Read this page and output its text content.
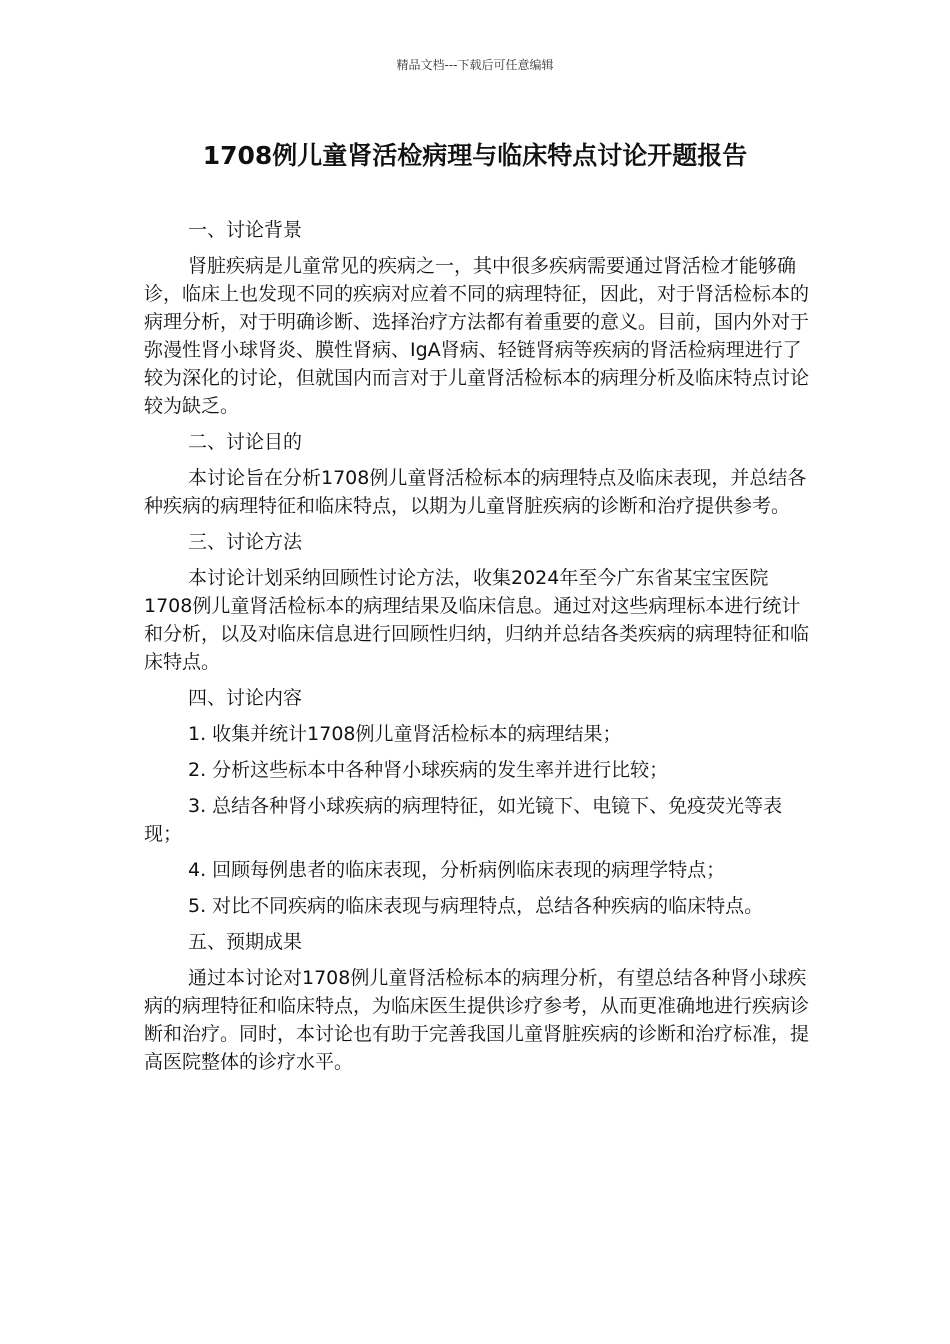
精品文档---下载后可任意编辑
1708例儿童肾活检病理与临床特点讨论开题报告

一、讨论背景

肾脏疾病是儿童常见的疾病之一，其中很多疾病需要通过肾活检才能够确诊，临床上也发现不同的疾病对应着不同的病理特征，因此，对于肾活检标本的病理分析，对于明确诊断、选择治疗方法都有着重要的意义。目前，国内外对于弥漫性肾小球肾炎、膜性肾病、IgA肾病、轻链肾病等疾病的肾活检病理进行了较为深化的讨论，但就国内而言对于儿童肾活检标本的病理分析及临床特点讨论较为缺乏。

二、讨论目的

本讨论旨在分析1708例儿童肾活检标本的病理特点及临床表现，并总结各种疾病的病理特征和临床特点，以期为儿童肾脏疾病的诊断和治疗提供参考。

三、讨论方法

本讨论计划采纳回顾性讨论方法，收集2024年至今广东省某宝宝医院1708例儿童肾活检标本的病理结果及临床信息。通过对这些病理标本进行统计和分析，以及对临床信息进行回顾性归纳，归纳并总结各类疾病的病理特征和临床特点。

四、讨论内容

1. 收集并统计1708例儿童肾活检标本的病理结果；

2. 分析这些标本中各种肾小球疾病的发生率并进行比较；

3. 总结各种肾小球疾病的病理特征，如光镜下、电镜下、免疫荧光等表现；

4. 回顾每例患者的临床表现，分析病例临床表现的病理学特点；

5. 对比不同疾病的临床表现与病理特点，总结各种疾病的临床特点。

五、预期成果

通过本讨论对1708例儿童肾活检标本的病理分析，有望总结各种肾小球疾病的病理特征和临床特点，为临床医生提供诊疗参考，从而更准确地进行疾病诊断和治疗。同时，本讨论也有助于完善我国儿童肾脏疾病的诊断和治疗标准，提高医院整体的诊疗水平。
